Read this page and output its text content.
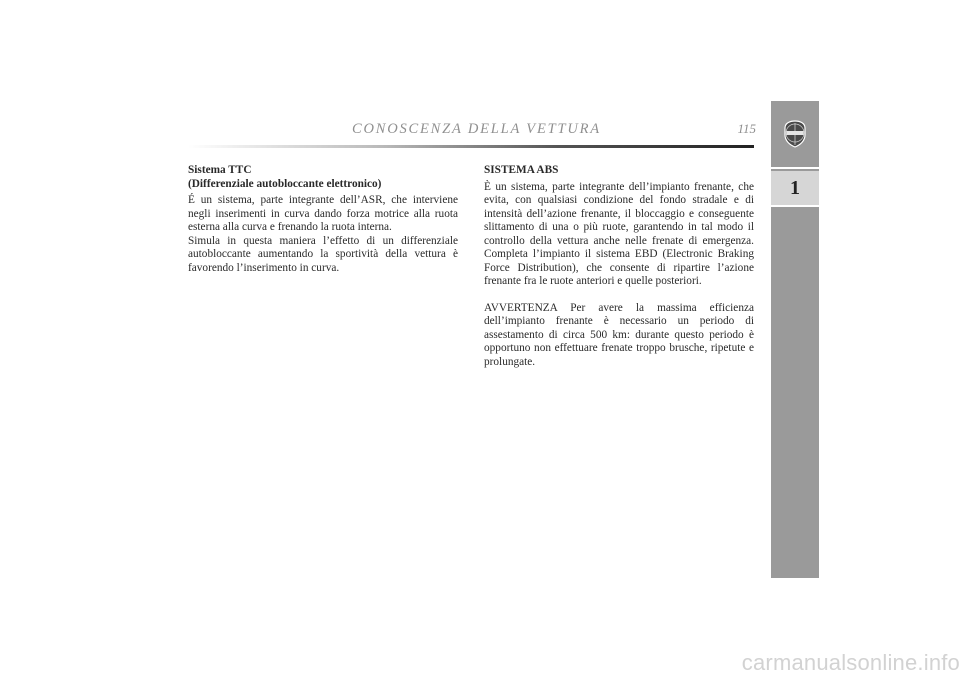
CONOSCENZA DELLA VETTURA	115
Sistema TTC
(Differenziale autobloccante elettronico)

É un sistema, parte integrante dell’ASR, che interviene negli inserimenti in curva dando forza motrice alla ruota esterna alla curva e frenando la ruota interna.

Simula in questa maniera l’effetto di un differenziale autobloccante aumentando la sportività della vettura è favorendo l’inserimento in curva.

SISTEMA ABS

È un sistema, parte integrante dell’impianto frenante, che evita, con qualsiasi condizione del fondo stradale e di intensità dell’azione frenante, il bloccaggio e conseguente slittamento di una o più ruote, garantendo in tal modo il controllo della vettura anche nelle frenate di emergenza. Completa l’impianto il sistema EBD (Electronic Braking Force Distribution), che consente di ripartire l’azione frenante fra le ruote anteriori e quelle posteriori.

AVVERTENZA Per avere la massima efficienza dell’impianto frenante è necessario un periodo di assestamento di circa 500 km: durante questo periodo è opportuno non effettuare frenate troppo brusche, ripetute e prolungate.

1
carmanualsonline.info
